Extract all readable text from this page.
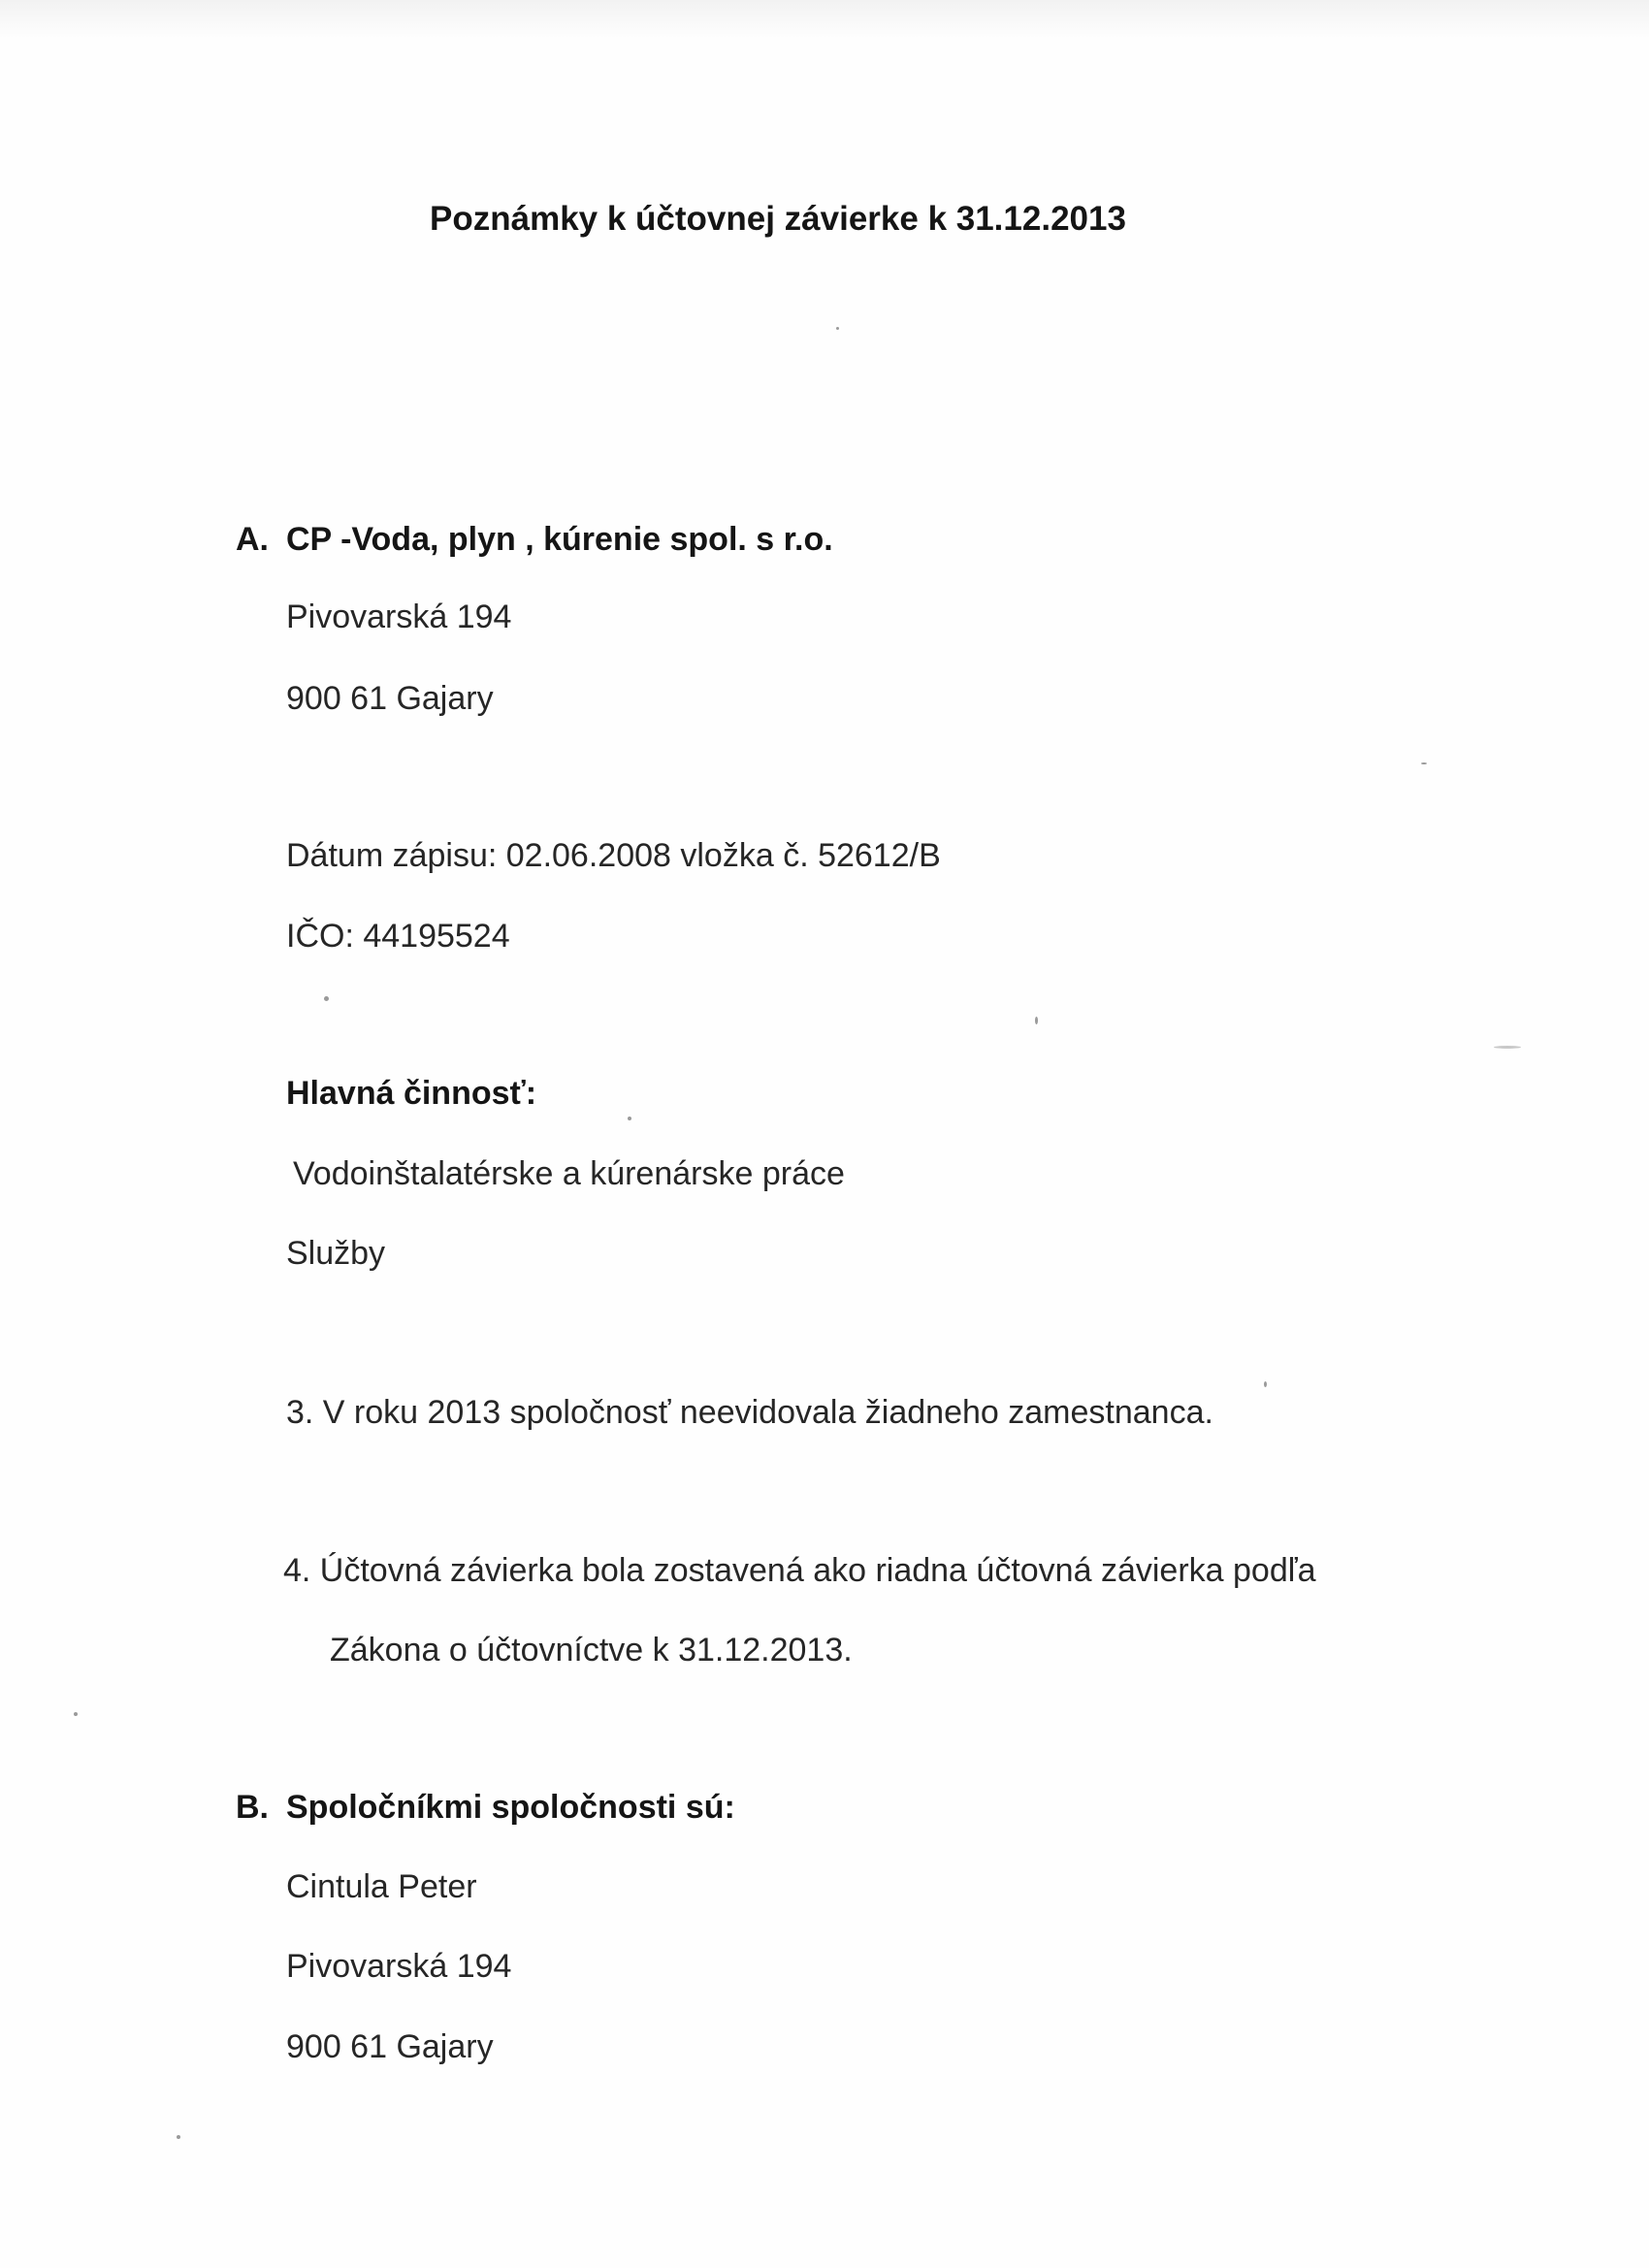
Poznámky k účtovnej závierke k 31.12.2013
A. CP -Voda, plyn , kúrenie spol. s r.o.
Pivovarská 194
900 61 Gajary
Dátum zápisu: 02.06.2008 vložka č. 52612/B
IČO: 44195524
Hlavná činnosť:
Vodoinštalatérske a kúrenárske práce
Služby
3. V roku 2013 spoločnosť neevidovala žiadneho zamestnanca.
4. Účtovná závierka bola zostavená ako riadna účtovná závierka podľa
Zákona o účtovníctve k 31.12.2013.
B. Spoločníkmi spoločnosti sú:
Cintula Peter
Pivovarská 194
900 61 Gajary
